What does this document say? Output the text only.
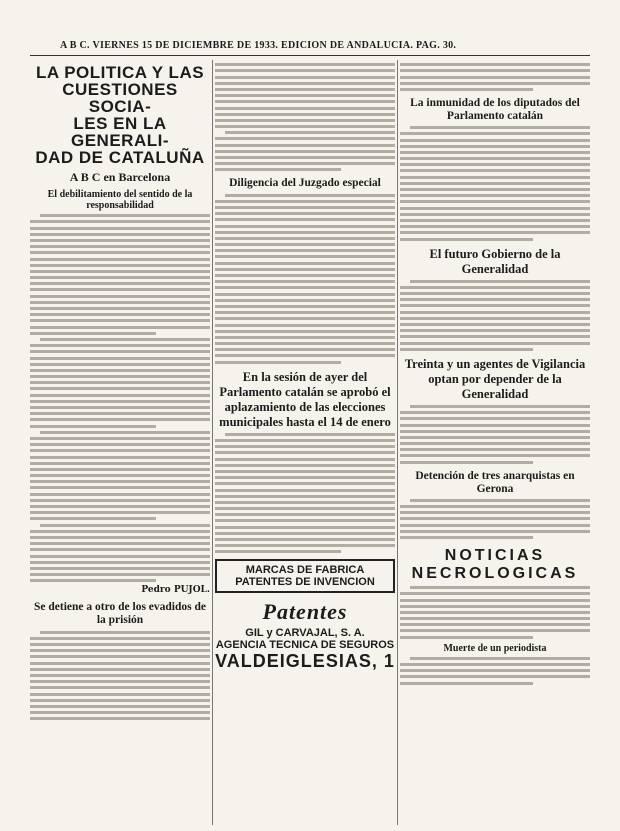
A B C. VIERNES 15 DE DICIEMBRE DE 1933. EDICION DE ANDALUCIA. PAG. 30.
LA POLITICA Y LAS
CUESTIONES SOCIA-
LES EN LA GENERALI-
DAD DE CATALUÑA
A B C en Barcelona
El debilitamiento del sentido de la responsabilidad
Pedro PUJOL.
Se detiene a otro de los evadidos de la prisión
Diligencia del Juzgado especial
En la sesión de ayer del Parlamento catalán se aprobó el aplazamiento de las elecciones municipales hasta el 14 de enero
MARCAS DE FABRICA
PATENTES DE INVENCION
Patentes
GIL y CARVAJAL, S. A.
AGENCIA TECNICA DE SEGUROS
VALDEIGLESIAS, 1
La inmunidad de los diputados del Parlamento catalán
El futuro Gobierno de la Generalidad
Treinta y un agentes de Vigilancia optan por depender de la Generalidad
Detención de tres anarquistas en Gerona
NOTICIAS
NECROLOGICAS
Muerte de un periodista
